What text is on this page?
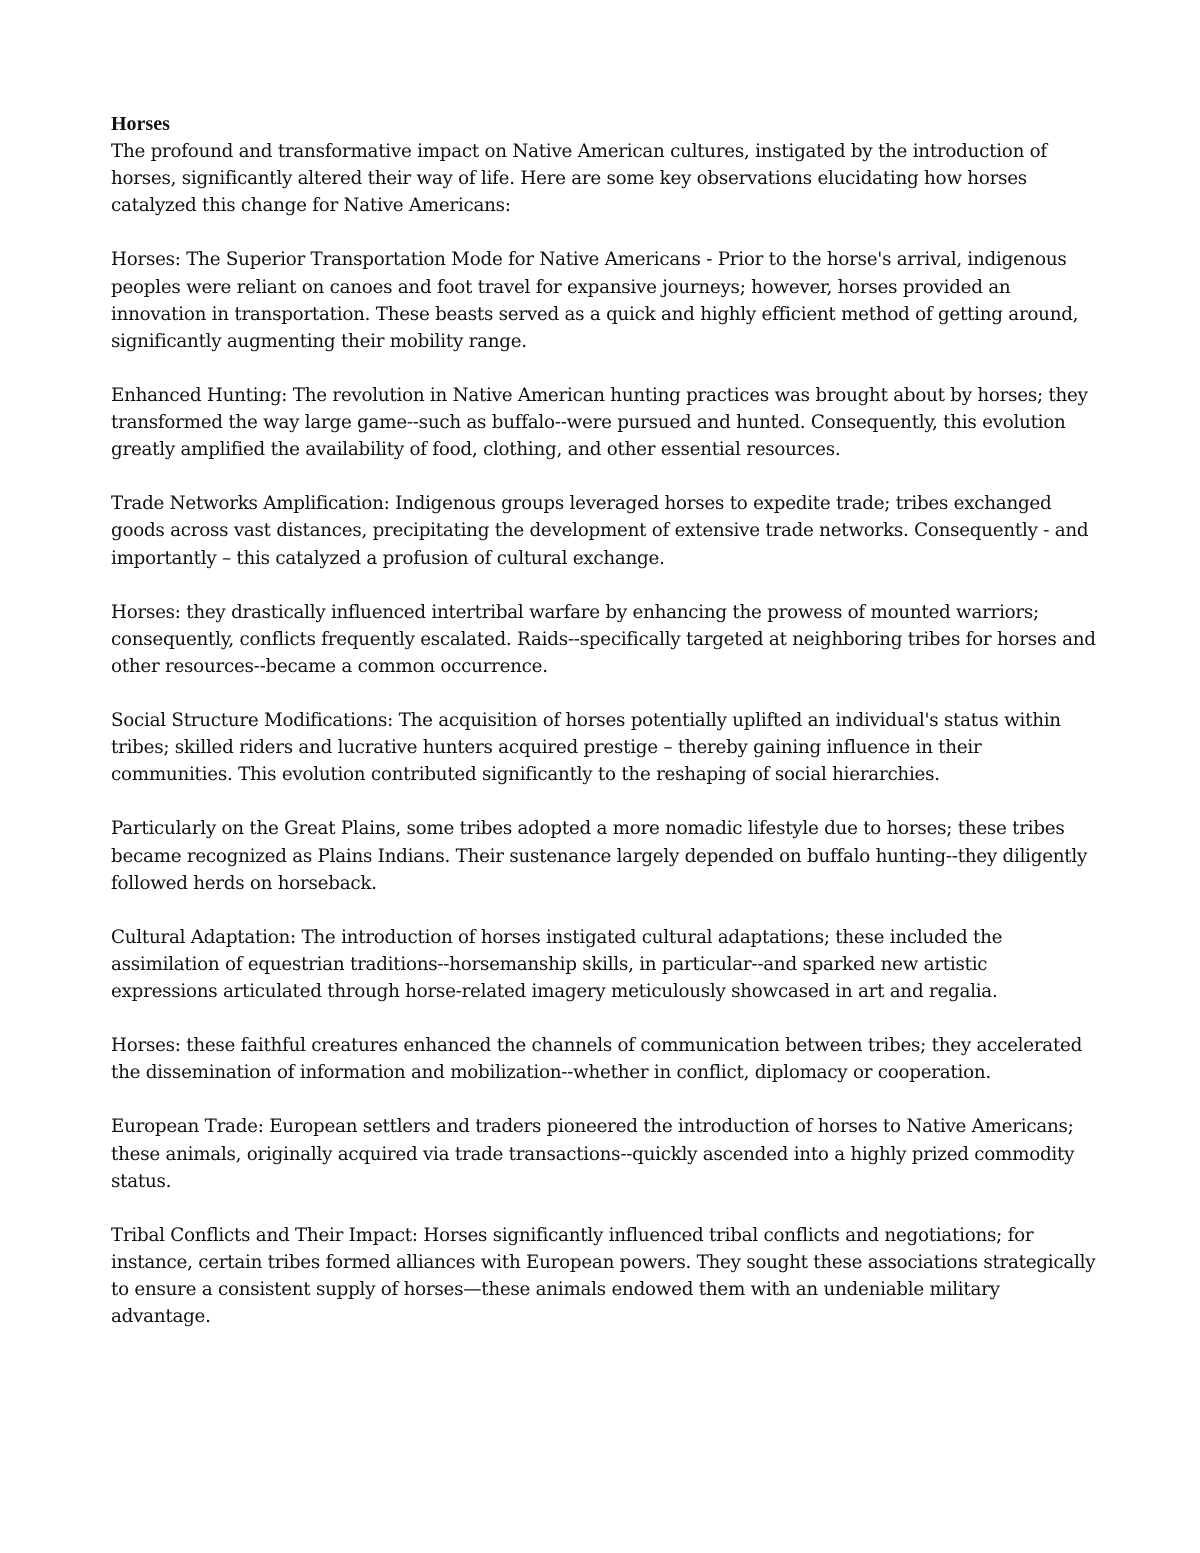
Horses

The profound and transformative impact on Native American cultures, instigated by the introduction of horses, significantly altered their way of life. Here are some key observations elucidating how horses catalyzed this change for Native Americans:

Horses: The Superior Transportation Mode for Native Americans - Prior to the horse's arrival, indigenous peoples were reliant on canoes and foot travel for expansive journeys; however, horses provided an innovation in transportation. These beasts served as a quick and highly efficient method of getting around, significantly augmenting their mobility range.

Enhanced Hunting: The revolution in Native American hunting practices was brought about by horses; they transformed the way large game--such as buffalo--were pursued and hunted. Consequently, this evolution greatly amplified the availability of food, clothing, and other essential resources.

Trade Networks Amplification: Indigenous groups leveraged horses to expedite trade; tribes exchanged goods across vast distances, precipitating the development of extensive trade networks. Consequently - and importantly – this catalyzed a profusion of cultural exchange.

Horses: they drastically influenced intertribal warfare by enhancing the prowess of mounted warriors; consequently, conflicts frequently escalated. Raids--specifically targeted at neighboring tribes for horses and other resources--became a common occurrence.

Social Structure Modifications: The acquisition of horses potentially uplifted an individual's status within tribes; skilled riders and lucrative hunters acquired prestige – thereby gaining influence in their communities. This evolution contributed significantly to the reshaping of social hierarchies.

Particularly on the Great Plains, some tribes adopted a more nomadic lifestyle due to horses; these tribes became recognized as Plains Indians. Their sustenance largely depended on buffalo hunting--they diligently followed herds on horseback.

Cultural Adaptation: The introduction of horses instigated cultural adaptations; these included the assimilation of equestrian traditions--horsemanship skills, in particular--and sparked new artistic expressions articulated through horse-related imagery meticulously showcased in art and regalia.

Horses: these faithful creatures enhanced the channels of communication between tribes; they accelerated the dissemination of information and mobilization--whether in conflict, diplomacy or cooperation.

European Trade: European settlers and traders pioneered the introduction of horses to Native Americans; these animals, originally acquired via trade transactions--quickly ascended into a highly prized commodity status.

Tribal Conflicts and Their Impact: Horses significantly influenced tribal conflicts and negotiations; for instance, certain tribes formed alliances with European powers. They sought these associations strategically to ensure a consistent supply of horses—these animals endowed them with an undeniable military advantage.
